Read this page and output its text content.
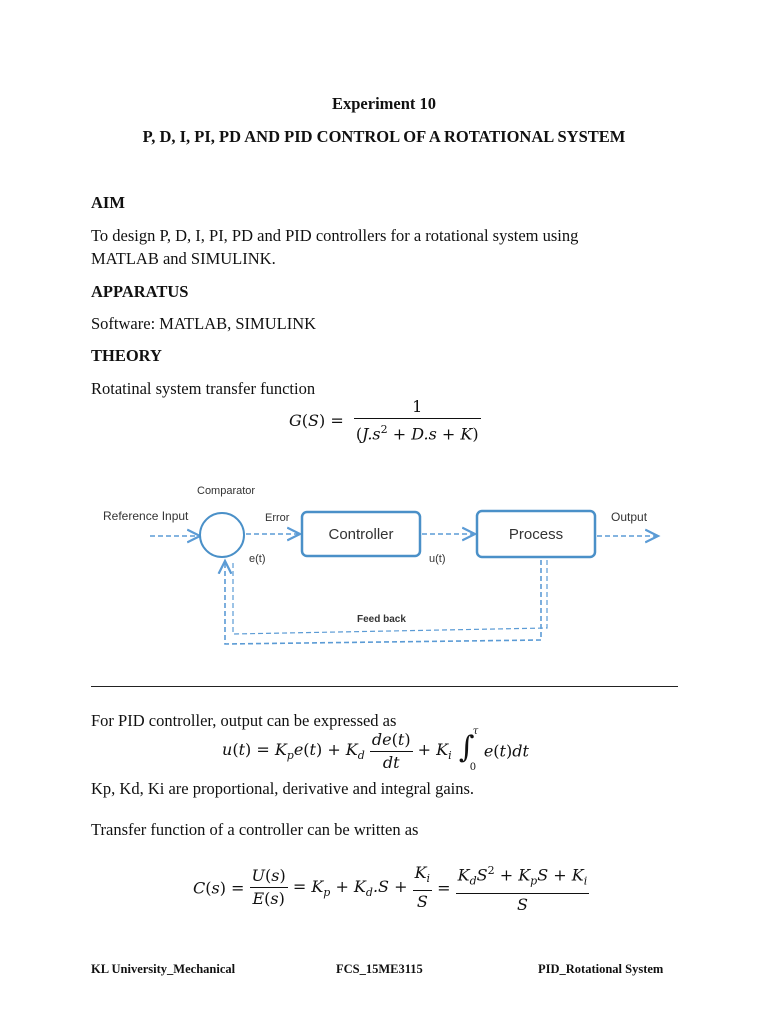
Experiment 10
P, D, I, PI, PD AND PID CONTROL OF A ROTATIONAL SYSTEM
AIM
To design P, D, I, PI, PD and PID controllers for a rotational system using
MATLAB and SIMULINK.
APPARATUS
Software: MATLAB, SIMULINK
THEORY
Rotatinal system transfer function
$G(S) = \frac{1}{(J.s^2 + D.s + K)}$
Comparator
Reference Input	Error
e(t)	u(t)
Output
Feed back
Controller	Process
For PID controller, output can be expressed as
$u(t) = K_pe(t) + K_d \frac{de(t)}{dt} + K_i$ ∫
τ
0
e(t)dt
Kp, Kd, Ki are proportional, derivative and integral gains.
Transfer function of a controller can be written as
$C(s) = \frac{U(s)}{E(s)} = K_p + K_d.S + \frac{K_i}{S} = \frac{K_dS^2 + K_pS + K_i}{S}$
KL University_Mechanical	FCS_15ME3115	PID_Rotational System
